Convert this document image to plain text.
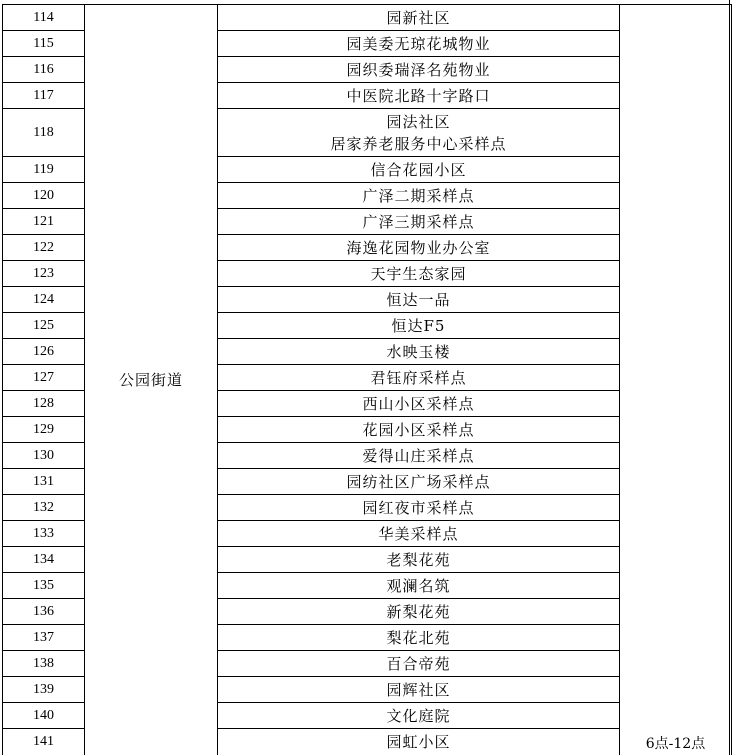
114	公园街道	园新社区	6点-12点
115		园美委无琼花城物业	
116		园织委瑞泽名苑物业	
117		中医院北路十字路口	
118		园法社区
居家养老服务中心采样点	

119		信合花园小区	
120		广泽二期采样点	
121		广泽三期采样点	
122		海逸花园物业办公室	
123		天宇生态家园	
124		恒达一品	
125		恒达F5	
126		水映玉楼	
127		君钰府采样点	
128		西山小区采样点	
129		花园小区采样点	
130		爱得山庄采样点	
131		园纺社区广场采样点	
132		园红夜市采样点	
133		华美采样点	
134		老梨花苑	
135		观澜名筑	
136		新梨花苑	
137		梨花北苑	
138		百合帝苑	
139		园辉社区	
140		文化庭院	
141		园虹小区	
